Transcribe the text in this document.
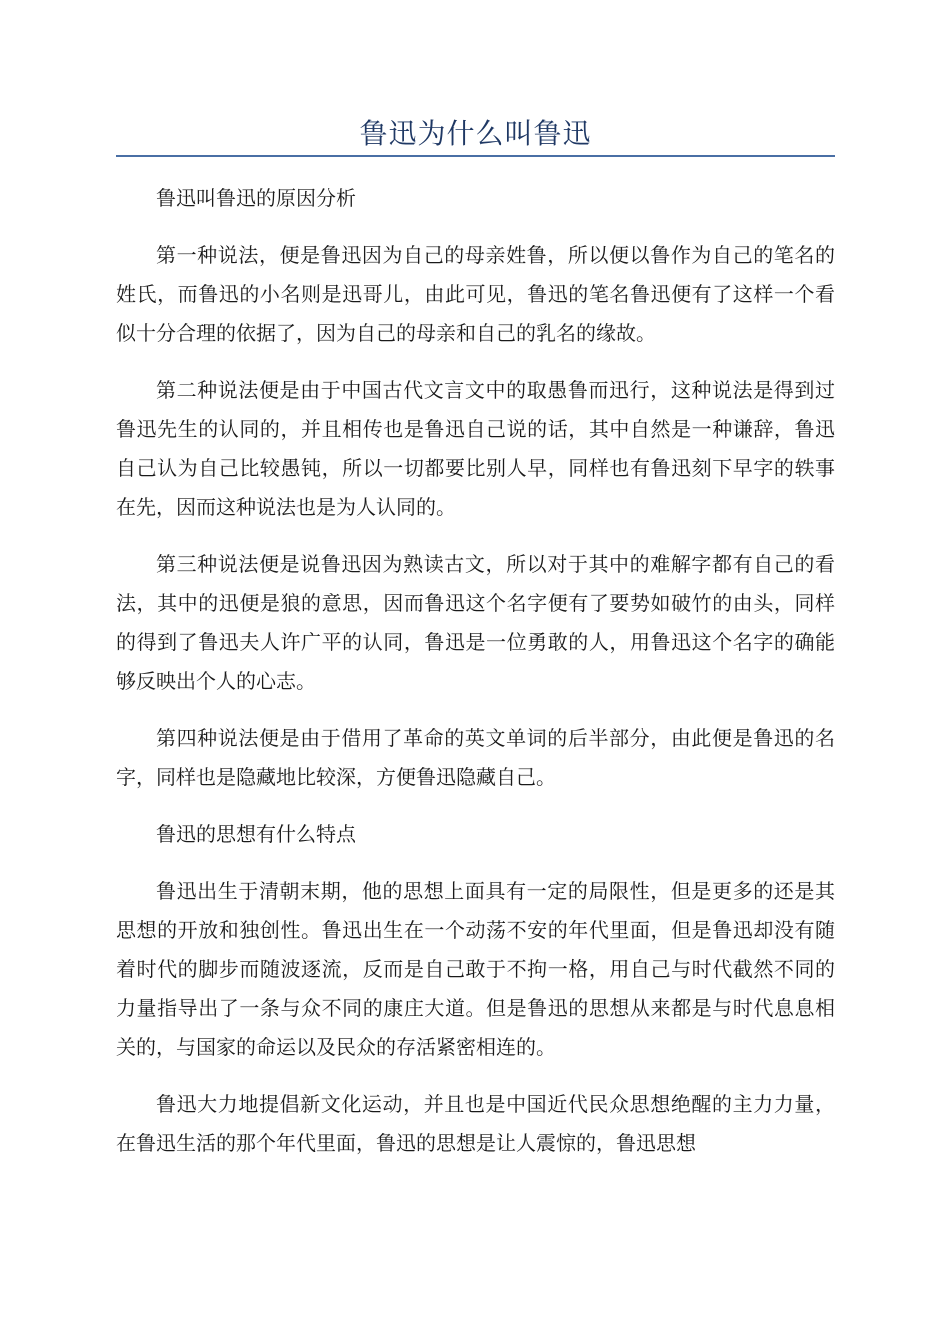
鲁迅为什么叫鲁迅

鲁迅叫鲁迅的原因分析

第一种说法，便是鲁迅因为自己的母亲姓鲁，所以便以鲁作为自己的笔名的姓氏，而鲁迅的小名则是迅哥儿，由此可见，鲁迅的笔名鲁迅便有了这样一个看似十分合理的依据了，因为自己的母亲和自己的乳名的缘故。

第二种说法便是由于中国古代文言文中的取愚鲁而迅行，这种说法是得到过鲁迅先生的认同的，并且相传也是鲁迅自己说的话，其中自然是一种谦辞，鲁迅自己认为自己比较愚钝，所以一切都要比别人早，同样也有鲁迅刻下早字的轶事在先，因而这种说法也是为人认同的。

第三种说法便是说鲁迅因为熟读古文，所以对于其中的难解字都有自己的看法，其中的迅便是狼的意思，因而鲁迅这个名字便有了要势如破竹的由头，同样的得到了鲁迅夫人许广平的认同，鲁迅是一位勇敢的人，用鲁迅这个名字的确能够反映出个人的心志。

第四种说法便是由于借用了革命的英文单词的后半部分，由此便是鲁迅的名字，同样也是隐藏地比较深，方便鲁迅隐藏自己。

鲁迅的思想有什么特点

鲁迅出生于清朝末期，他的思想上面具有一定的局限性，但是更多的还是其思想的开放和独创性。鲁迅出生在一个动荡不安的年代里面，但是鲁迅却没有随着时代的脚步而随波逐流，反而是自己敢于不拘一格，用自己与时代截然不同的力量指导出了一条与众不同的康庄大道。但是鲁迅的思想从来都是与时代息息相关的，与国家的命运以及民众的存活紧密相连的。

鲁迅大力地提倡新文化运动，并且也是中国近代民众思想绝醒的主力力量，在鲁迅生活的那个年代里面，鲁迅的思想是让人震惊的，鲁迅思想
